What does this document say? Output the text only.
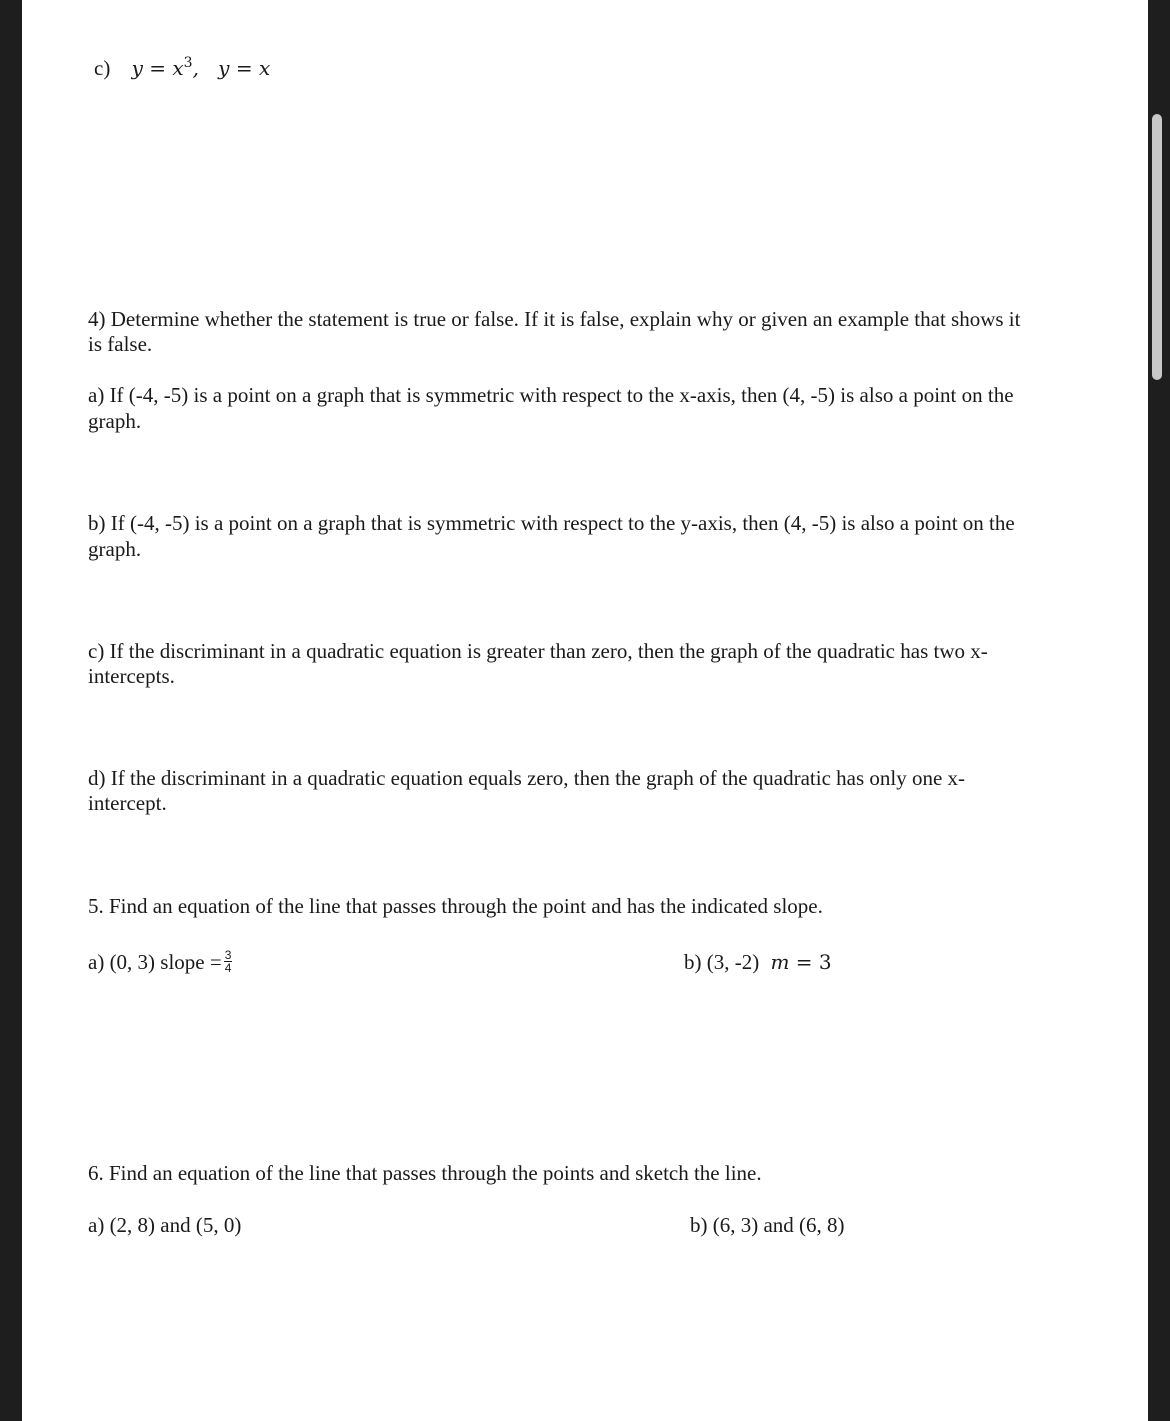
c) $y = x^3$, y = x
4) Determine whether the statement is true or false. If it is false, explain why or given an example that shows it
is false.
a) If (-4, -5) is a point on a graph that is symmetric with respect to the x-axis, then (4, -5) is also a point on the
graph.
b) If (-4, -5) is a point on a graph that is symmetric with respect to the y-axis, then (4, -5) is also a point on the
graph.
c) If the discriminant in a quadratic equation is greater than zero, then the graph of the quadratic has two x-
intercepts.
d) If the discriminant in a quadratic equation equals zero, then the graph of the quadratic has only one x-
intercept.
5. Find an equation of the line that passes through the point and has the indicated slope.
a) (0, 3) slope = $\frac{3}{4}$	b) (3, -2) m = 3
6. Find an equation of the line that passes through the points and sketch the line.
a) (2, 8) and (5, 0)	b) (6, 3) and (6, 8)
